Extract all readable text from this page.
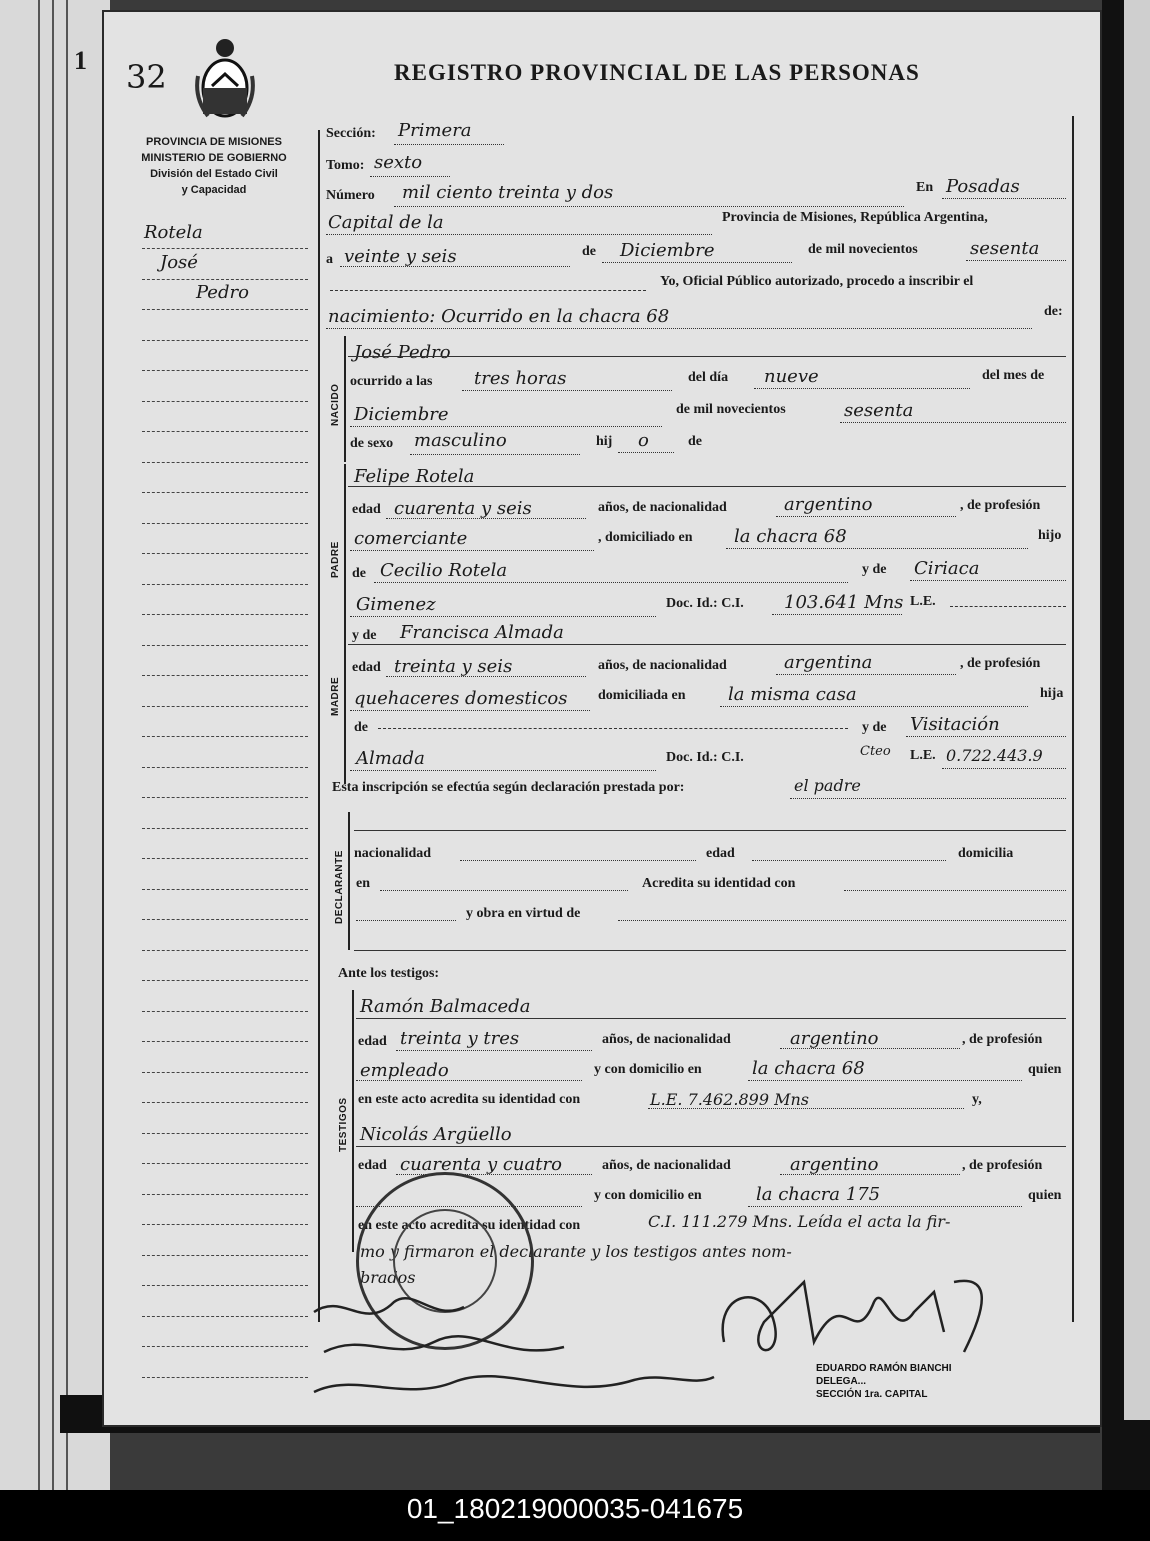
1 32	REGISTRO PROVINCIAL DE LAS PERSONAS
PROVINCIA DE MISIONES
MINISTERIO DE GOBIERNO
División del Estado Civil
y Capacidad
Rotela
José
Pedro
Sección: Primera
Tomo: sexto
Número mil ciento treinta y dos	En Posadas
Capital de la	Provincia de Misiones, República Argentina,
a veinte y seis	de Diciembre	de mil novecientos	sesenta
Yo, Oficial Público autorizado, procedo a inscribir el
nacimiento: Ocurrido en la chacra 68	de:
NACIDO
José Pedro
ocurrido a las tres horas	del día nueve	del mes de
Diciembre	de mil novecientos	sesenta
de sexo masculino	hij o	de
PADRE
Felipe Rotela
edad cuarenta y seis	años, de nacionalidad	argentino	, de profesión
comerciante	, domiciliado en la chacra 68	hijo
de Cecilio Rotela	y de Ciriaca
Gimenez	Doc. Id.: C.I. 103.641 Mns L.E.
MADRE
y de Francisca Almada
edad treinta y seis	años, de nacionalidad	argentina	, de profesión
quehaceres domesticos domiciliada en la misma casa	hija
de	y de Visitación
Almada	Doc. Id.: C.I.	Cteo L.E. 0.722.443.9
Esta inscripción se efectúa según declaración prestada por:	el padre
DECLARANTE nacionalidad	edad	domicilia
en	Acredita su identidad con
y obra en virtud de
Ante los testigos:
TESTIGOS
Ramón Balmaceda
edad treinta y tres	años, de nacionalidad	argentino	, de profesión
empleado	y con domicilio en	la chacra 68	quien
en este acto acredita su identidad con	L.E. 7.462.899 Mns	y,
Nicolás Argüello
edad cuarenta y cuatro	años, de nacionalidad	argentino	, de profesión
y con domicilio en	la chacra 175	quien
en este acto acredita su identidad con	C.I. 111.279 Mns. Leída el acta la fir-
mo y firmaron el declarante y los testigos antes nom-
brados
EDUARDO RAMÓN BIANCHI
DELEGA...
SECCIÓN 1ra. CAPITAL
01_180219000035-041675
